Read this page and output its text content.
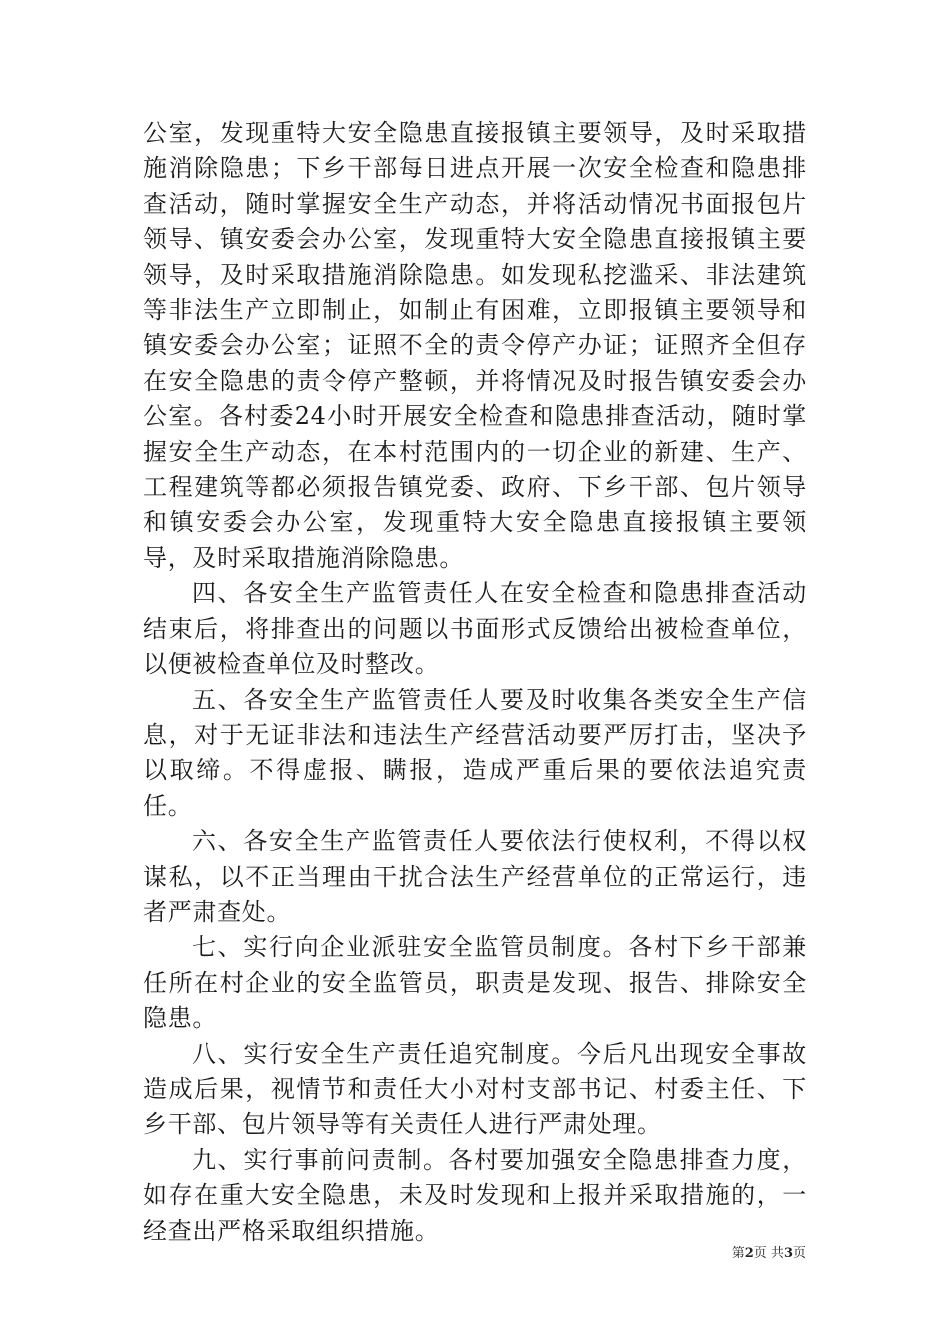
公室，发现重特大安全隐患直接报镇主要领导，及时采取措施消除隐患；下乡干部每日进点开展一次安全检查和隐患排查活动，随时掌握安全生产动态，并将活动情况书面报包片领导、镇安委会办公室，发现重特大安全隐患直接报镇主要领导，及时采取措施消除隐患。如发现私挖滥采、非法建筑等非法生产立即制止，如制止有困难，立即报镇主要领导和镇安委会办公室；证照不全的责令停产办证；证照齐全但存在安全隐患的责令停产整顿，并将情况及时报告镇安委会办公室。各村委24小时开展安全检查和隐患排查活动，随时掌握安全生产动态，在本村范围内的一切企业的新建、生产、工程建筑等都必须报告镇党委、政府、下乡干部、包片领导和镇安委会办公室，发现重特大安全隐患直接报镇主要领导，及时采取措施消除隐患。

四、各安全生产监管责任人在安全检查和隐患排查活动结束后，将排查出的问题以书面形式反馈给出被检查单位，以便被检查单位及时整改。

五、各安全生产监管责任人要及时收集各类安全生产信息，对于无证非法和违法生产经营活动要严厉打击，坚决予以取缔。不得虚报、瞒报，造成严重后果的要依法追究责任。

六、各安全生产监管责任人要依法行使权利，不得以权谋私，以不正当理由干扰合法生产经营单位的正常运行，违者严肃查处。

七、实行向企业派驻安全监管员制度。各村下乡干部兼任所在村企业的安全监管员，职责是发现、报告、排除安全隐患。

八、实行安全生产责任追究制度。今后凡出现安全事故造成后果，视情节和责任大小对村支部书记、村委主任、下乡干部、包片领导等有关责任人进行严肃处理。

九、实行事前问责制。各村要加强安全隐患排查力度，如存在重大安全隐患，未及时发现和上报并采取措施的，一经查出严格采取组织措施。

第2页 共3页
